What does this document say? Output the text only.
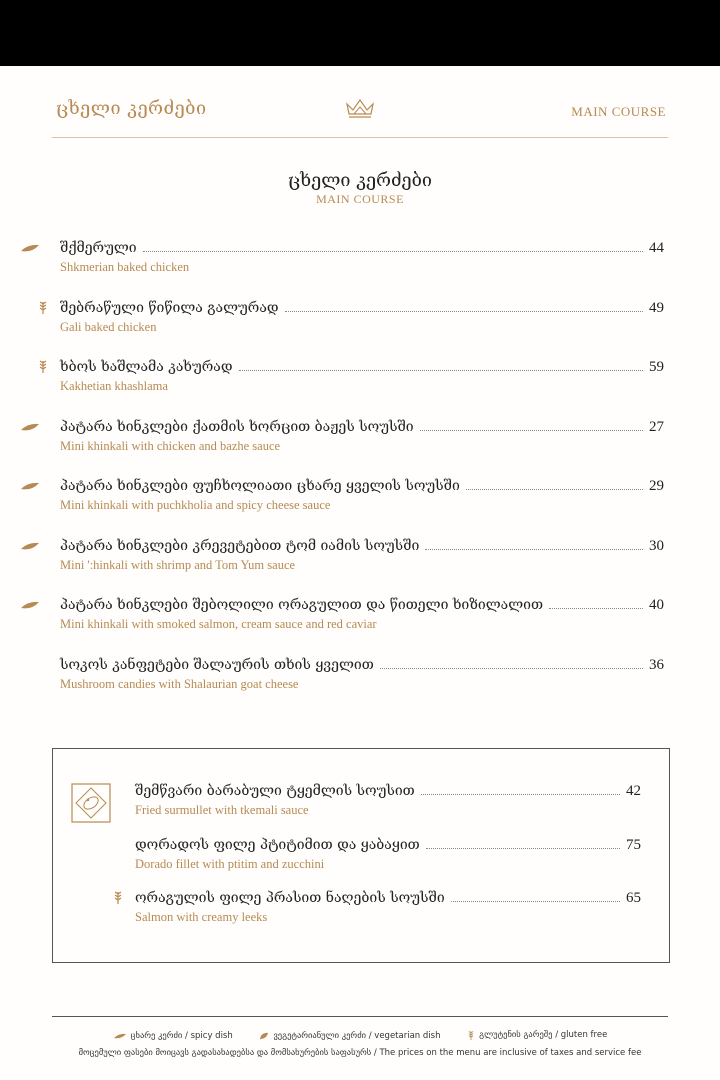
ცხელი კერძები	MAIN COURSE
ცხელი კერძები
MAIN COURSE
შქმერული	44
Shkmerian baked chicken
შებრაწული წიწილა გალურად	49
Gali baked chicken
ხბოს ხაშლამა კახურად	59
Kakhetian khashlama
პატარა ხინკლები ქათმის ხორცით ბაჟეს სოუსში	27
Mini khinkali with chicken and bazhe sauce
პატარა ხინკლები ფუჩხოლიათი ცხარე ყველის სოუსში	29
Mini khinkali with puchkholia and spicy cheese sauce
პატარა ხინკლები კრევეტებით ტომ იამის სოუსში	30
Mini ':hinkali with shrimp and Tom Yum sauce
პატარა ხინკლები შებოლილი ორაგულით და წითელი ხიზილალით	40
Mini khinkali with smoked salmon, cream sauce and red caviar
სოკოს კანფეტები შალაურის თხის ყველით	36
Mushroom candies with Shalaurian goat cheese
შემწვარი ბარაბული ტყემლის სოუსით	42
Fried surmullet with tkemali sauce
დორადოს ფილე პტიტიმით და ყაბაყით	75
Dorado fillet with ptitim and zucchini
ორაგულის ფილე პრასით ნაღების სოუსში	65
Salmon with creamy leeks
ცხარე კერძი / spicy dish
	ვეგეტარიანული კერძი / vegetarian dish
	გლუტენის გარეშე / gluten free
მოცემული ფასები მოიცავს გადასახადებსა და მომსახურების საფასურს / The prices on the menu are inclusive of taxes and service fee
